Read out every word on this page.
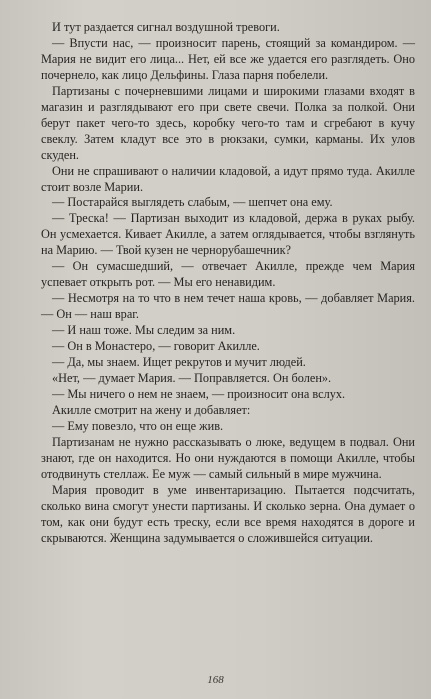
И тут раздается сигнал воздушной тревоги.

— Впусти нас, — произносит парень, стоящий за командиром. — Мария не видит его лица... Нет, ей все же удается его разглядеть. Оно почернело, как лицо Дельфины. Глаза парня побелели.

Партизаны с почерневшими лицами и широкими глазами входят в магазин и разглядывают его при свете свечи. Полка за полкой. Они берут пакет чего-то здесь, коробку чего-то там и сгребают в кучу свеклу. Затем кладут все это в рюкзаки, сумки, карманы. Их улов скуден.

Они не спрашивают о наличии кладовой, а идут прямо туда. Акилле стоит возле Марии.

— Постарайся выглядеть слабым, — шепчет она ему.

— Треска! — Партизан выходит из кладовой, держа в руках рыбу. Он усмехается. Кивает Акилле, а затем оглядывается, чтобы взглянуть на Марию. — Твой кузен не чернорубашечник?

— Он сумасшедший, — отвечает Акилле, прежде чем Мария успевает открыть рот. — Мы его ненавидим.

— Несмотря на то что в нем течет наша кровь, — добавляет Мария. — Он — наш враг.

— И наш тоже. Мы следим за ним.

— Он в Монастеро, — говорит Акилле.

— Да, мы знаем. Ищет рекрутов и мучит людей.

«Нет, — думает Мария. — Поправляется. Он болен».

— Мы ничего о нем не знаем, — произносит она вслух.

Акилле смотрит на жену и добавляет:

— Ему повезло, что он еще жив.

Партизанам не нужно рассказывать о люке, ведущем в подвал. Они знают, где он находится. Но они нуждаются в помощи Акилле, чтобы отодвинуть стеллаж. Ее муж — самый сильный в мире мужчина.

Мария проводит в уме инвентаризацию. Пытается подсчитать, сколько вина смогут унести партизаны. И сколько зерна. Она думает о том, как они будут есть треску, если все время находятся в дороге и скрываются. Женщина задумывается о сложившейся ситуации.

168
